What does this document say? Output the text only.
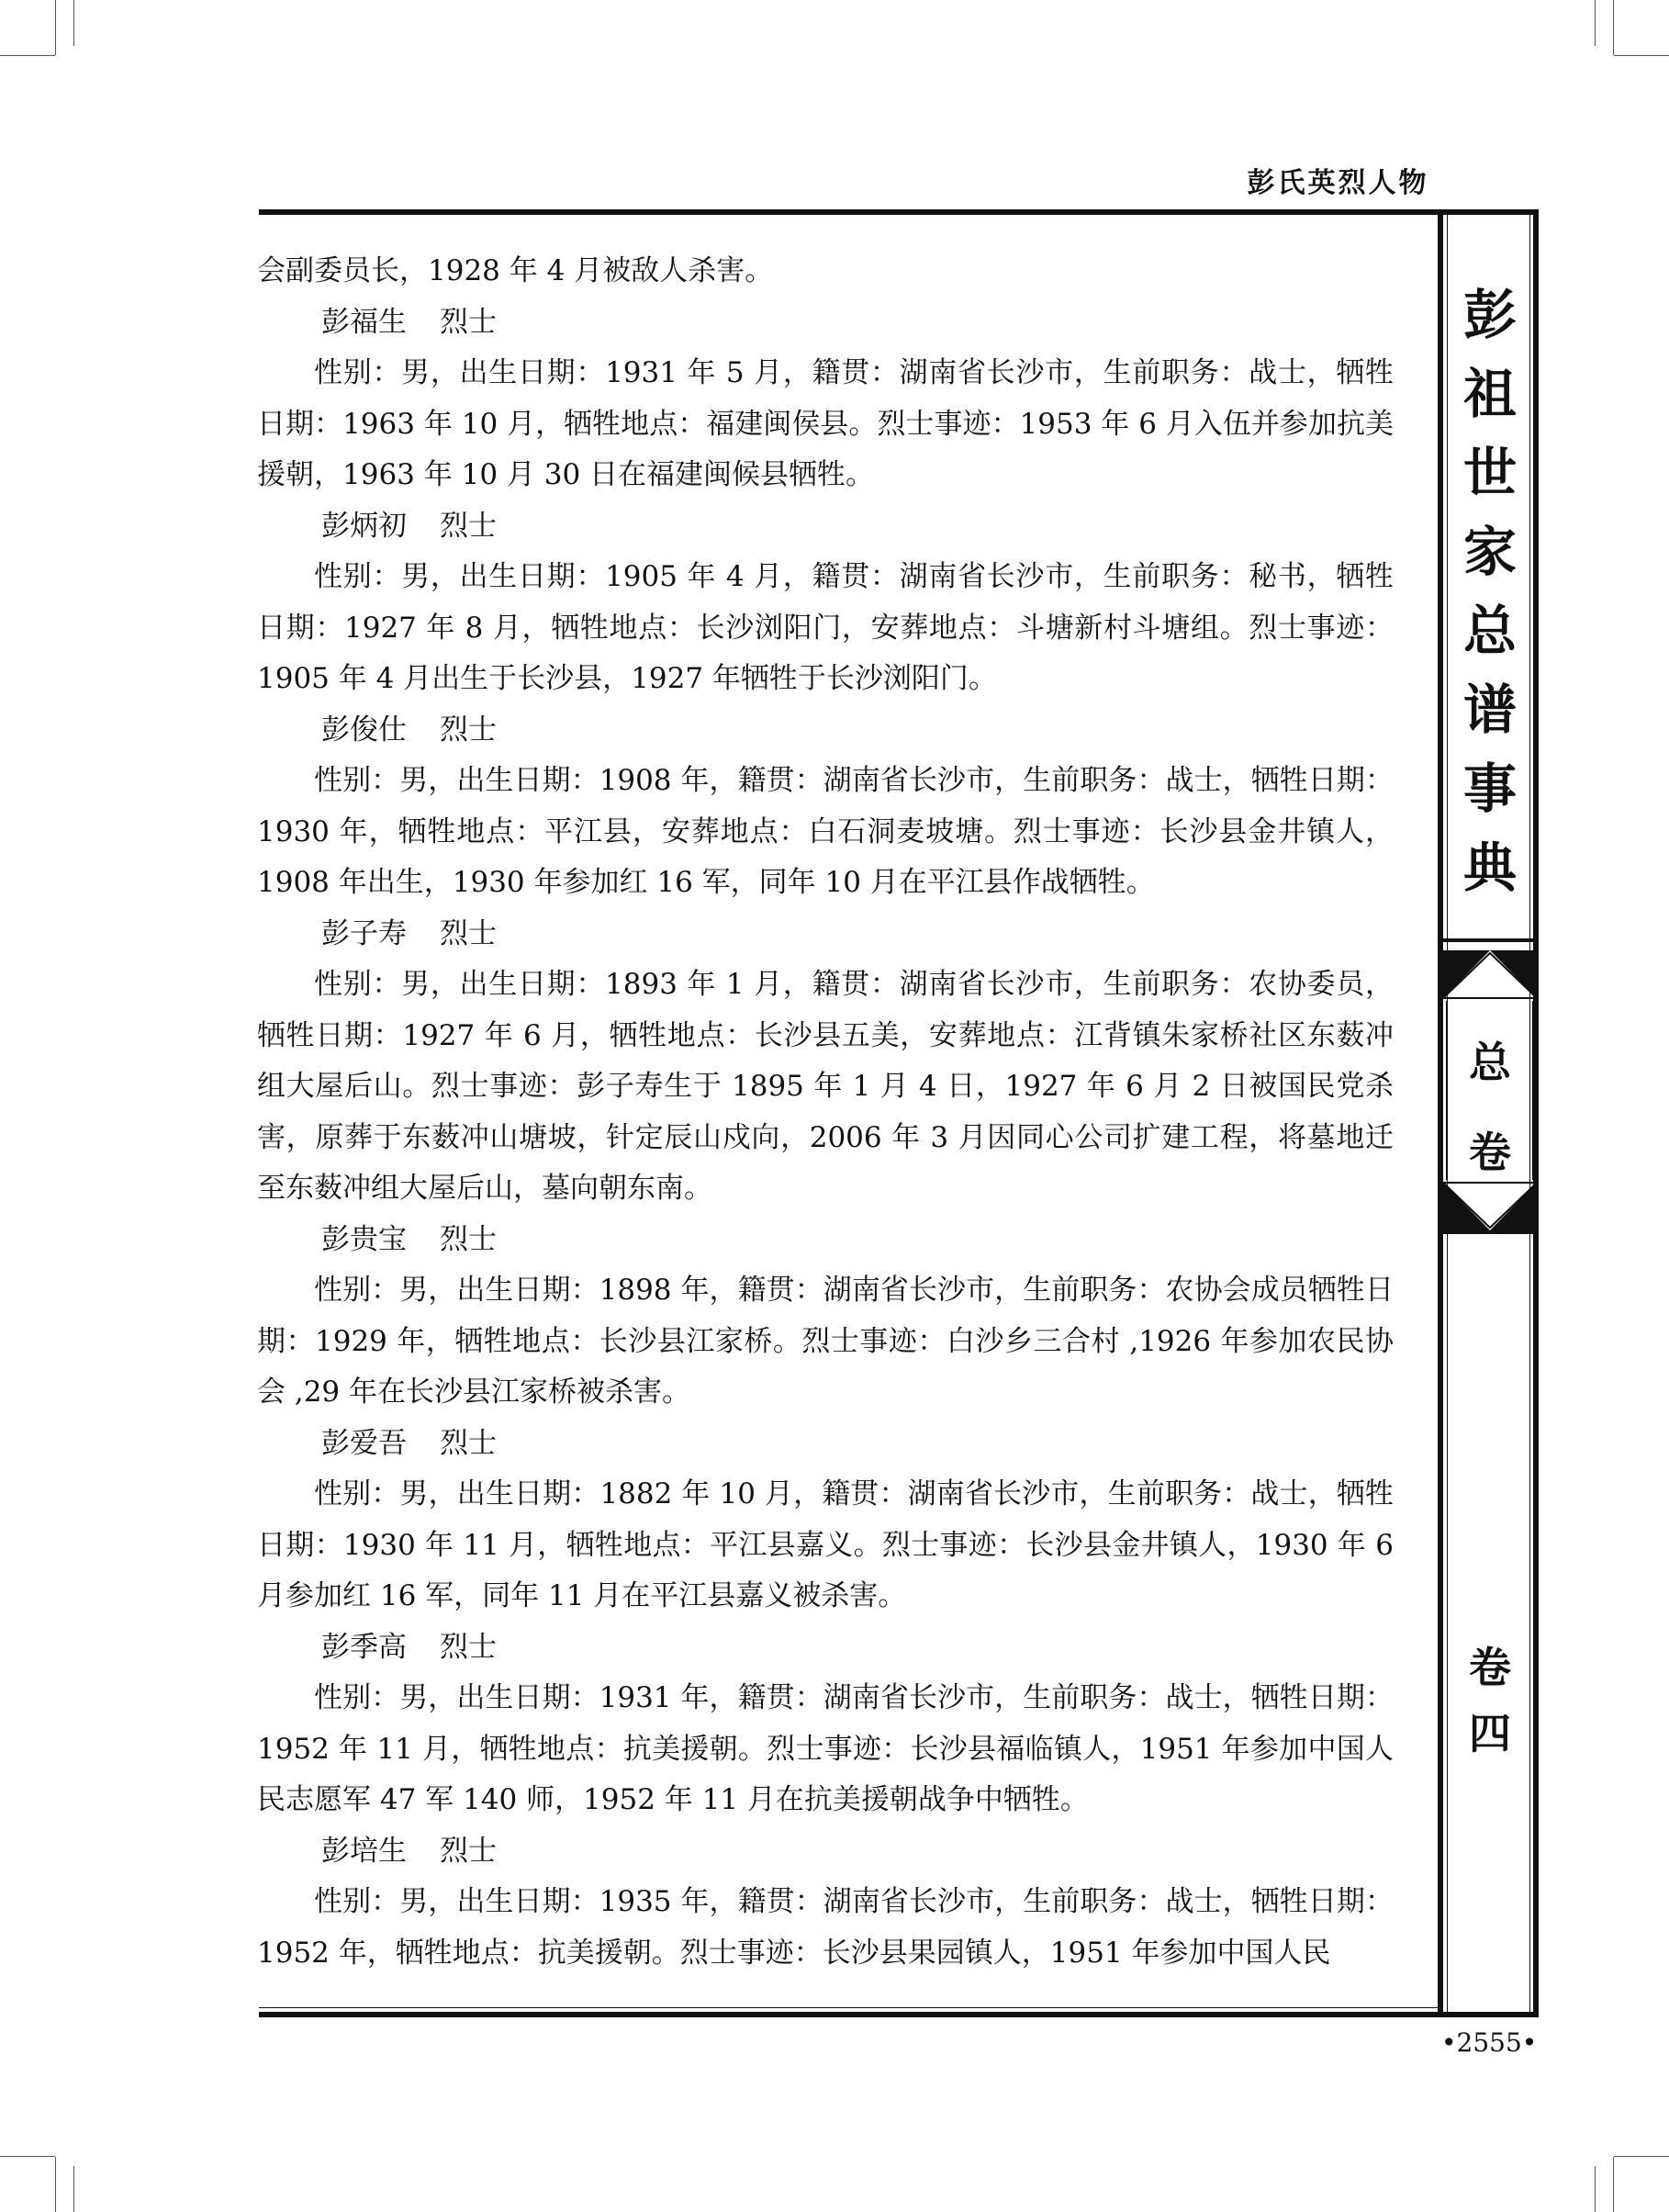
彭氏英烈人物
彭
祖
世
家
总
谱
事
典
总
卷
卷
四

会副委员长，1928 年 4 月被敌人杀害。

彭福生 烈士

性别：男，出生日期：1931 年 5 月，籍贯：湖南省长沙市，生前职务：战士，牺牲日期：1963 年 10 月，牺牲地点：福建闽侯县。烈士事迹：1953 年 6 月入伍并参加抗美援朝，1963 年 10 月 30 日在福建闽候县牺牲。

彭炳初 烈士

性别：男，出生日期：1905 年 4 月，籍贯：湖南省长沙市，生前职务：秘书，牺牲日期：1927 年 8 月，牺牲地点：长沙浏阳门，安葬地点：斗塘新村斗塘组。烈士事迹：1905 年 4 月出生于长沙县，1927 年牺牲于长沙浏阳门。

彭俊仕 烈士

性别：男，出生日期：1908 年，籍贯：湖南省长沙市，生前职务：战士，牺牲日期：1930 年，牺牲地点：平江县，安葬地点：白石洞麦坡塘。烈士事迹：长沙县金井镇人，1908 年出生，1930 年参加红 16 军，同年 10 月在平江县作战牺牲。

彭子寿 烈士

性别：男，出生日期：1893 年 1 月，籍贯：湖南省长沙市，生前职务：农协委员，牺牲日期：1927 年 6 月，牺牲地点：长沙县五美，安葬地点：江背镇朱家桥社区东薮冲组大屋后山。烈士事迹：彭子寿生于 1895 年 1 月 4 日，1927 年 6 月 2 日被国民党杀害，原葬于东薮冲山塘坡，针定辰山戍向，2006 年 3 月因同心公司扩建工程，将墓地迁至东薮冲组大屋后山，墓向朝东南。

彭贵宝 烈士

性别：男，出生日期：1898 年，籍贯：湖南省长沙市，生前职务：农协会成员牺牲日期：1929 年，牺牲地点：长沙县江家桥。烈士事迹：白沙乡三合村 ,1926 年参加农民协会 ,29 年在长沙县江家桥被杀害。

彭爱吾 烈士

性别：男，出生日期：1882 年 10 月，籍贯：湖南省长沙市，生前职务：战士，牺牲日期：1930 年 11 月，牺牲地点：平江县嘉义。烈士事迹：长沙县金井镇人，1930 年 6 月参加红 16 军，同年 11 月在平江县嘉义被杀害。

彭季高 烈士

性别：男，出生日期：1931 年，籍贯：湖南省长沙市，生前职务：战士，牺牲日期：1952 年 11 月，牺牲地点：抗美援朝。烈士事迹：长沙县福临镇人，1951 年参加中国人民志愿军 47 军 140 师，1952 年 11 月在抗美援朝战争中牺牲。

彭培生 烈士

性别：男，出生日期：1935 年，籍贯：湖南省长沙市，生前职务：战士，牺牲日期：1952 年，牺牲地点：抗美援朝。烈士事迹：长沙县果园镇人，1951 年参加中国人民

•2555•
